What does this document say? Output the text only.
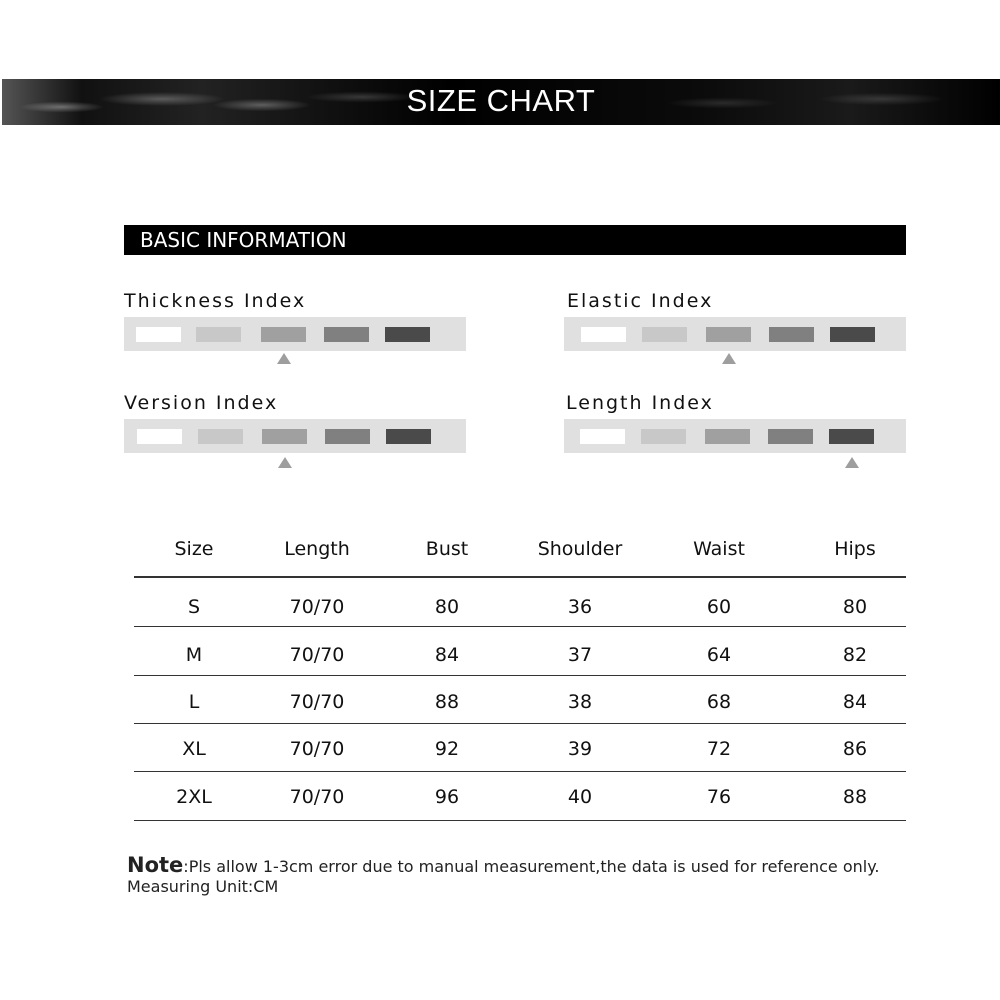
SIZE CHART
BASIC INFORMATION
Thickness Index	Elastic Index
Version Index	Length Index
Size	Length	Bust	Shoulder	Waist	Hips
S	70/70	80	36	60	80
M	70/70	84	37	64	82
L	70/70	88	38	68	84
XL	70/70	92	39	72	86
2XL	70/70	96	40	76	88
Note:Pls allow 1-3cm error due to manual measurement,the data is used for reference only.
Measuring Unit:CM
